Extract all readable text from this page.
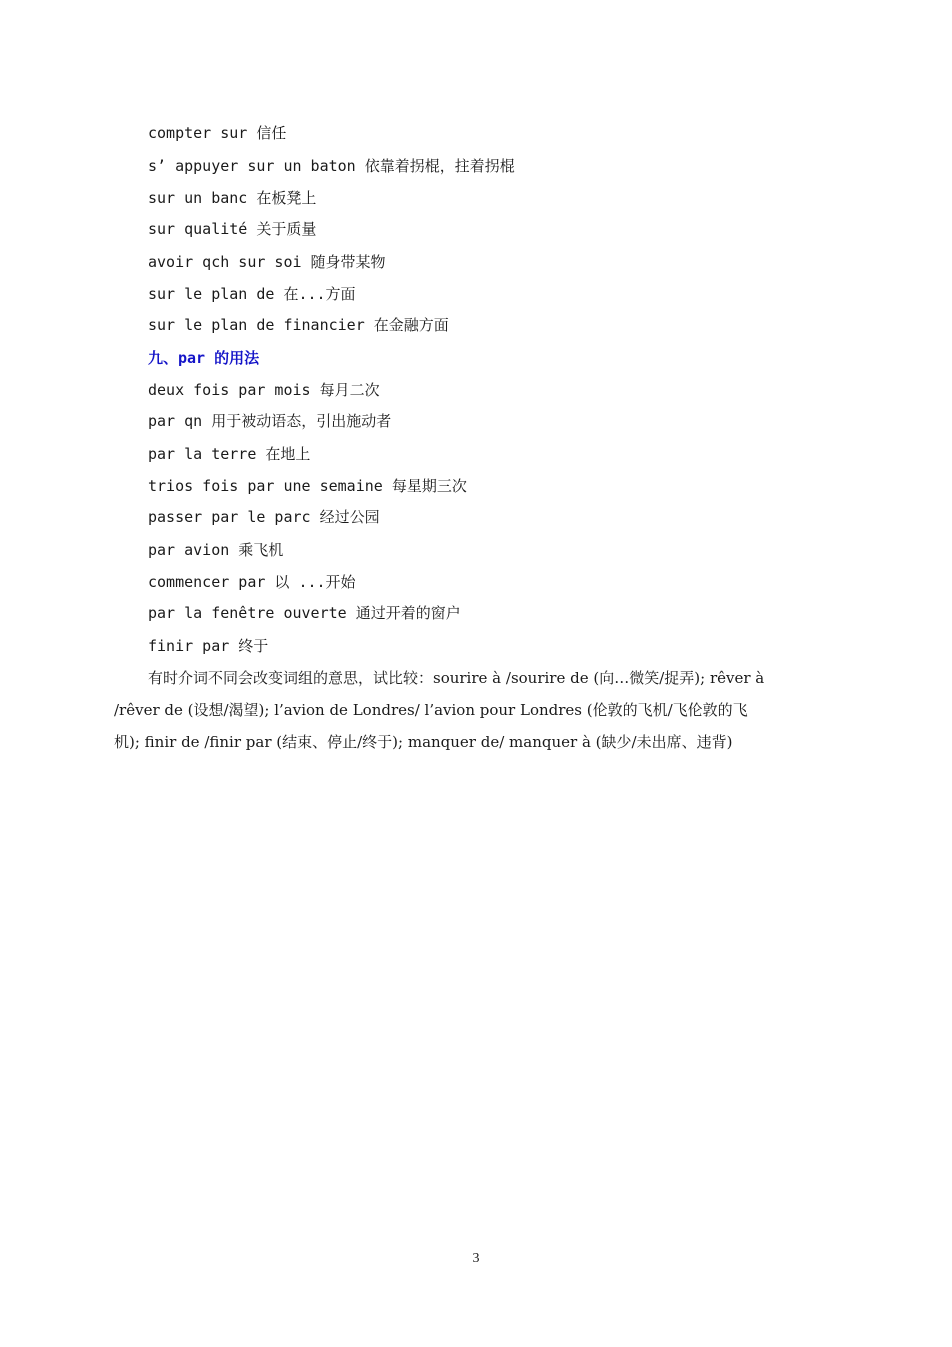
compter sur 信任
s’ appuyer sur un baton 依靠着拐棍，拄着拐棍
sur un banc 在板凳上
sur qualité 关于质量
avoir qch sur soi 随身带某物
sur le plan de 在...方面
sur le plan de financier 在金融方面
九、par 的用法
deux fois par mois 每月二次
par qn 用于被动语态，引出施动者
par la terre 在地上
trios fois par une semaine 每星期三次
passer par le parc 经过公园
par avion 乘飞机
commencer par 以 ...开始
par la fenêtre ouverte 通过开着的窗户
finir par 终于
有时介词不同会改变词组的意思，试比较：sourire à /sourire de (向…微笑/捉弄); rêver à
/rêver de (设想/渴望); l’avion de Londres/ l’avion pour Londres (伦敦的飞机/飞伦敦的飞
机); finir de /finir par (结束、停止/终于); manquer de/ manquer à (缺少/未出席、违背)
3
